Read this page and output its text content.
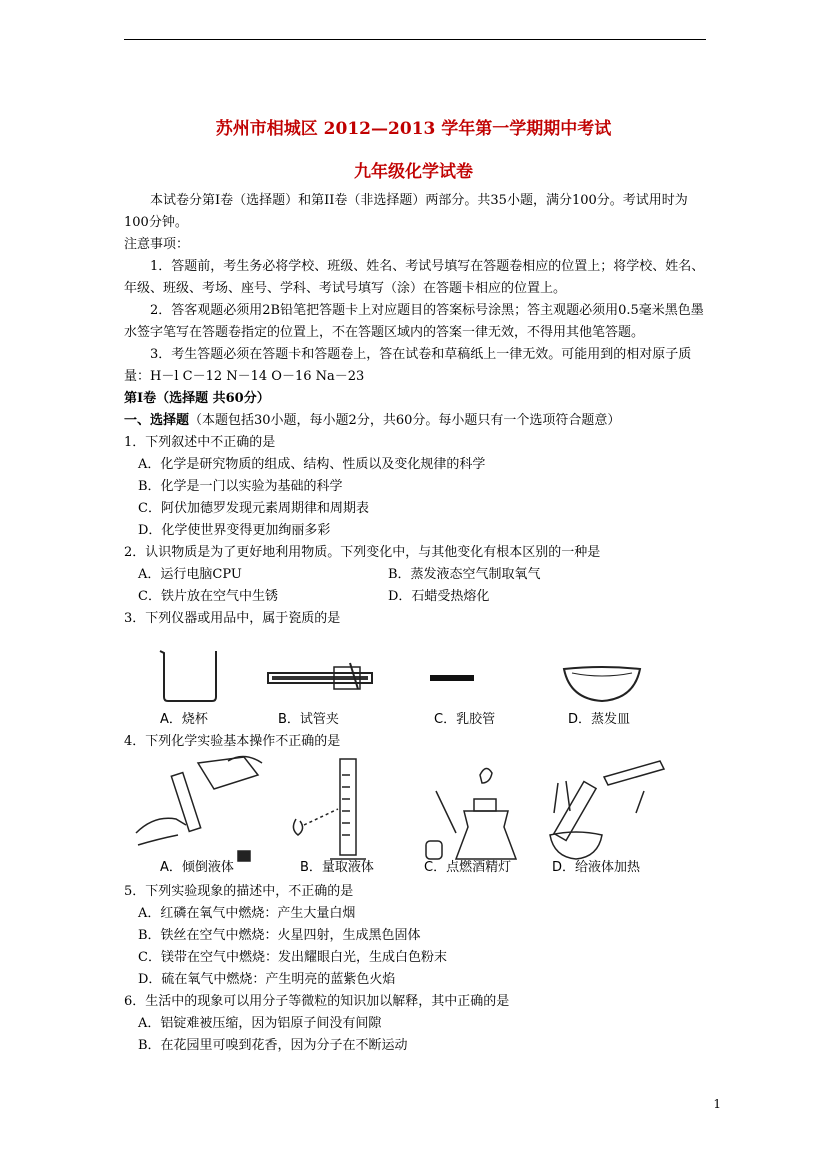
苏州市相城区 2012—2013 学年第一学期期中考试
九年级化学试卷

本试卷分第Ⅰ卷（选择题）和第II卷（非选择题）两部分。共35小题，满分100分。考试用时为100分钟。

注意事项：

1．答题前，考生务必将学校、班级、姓名、考试号填写在答题卷相应的位置上；将学校、姓名、年级、班级、考场、座号、学科、考试号填写（涂）在答题卡相应的位置上。

2．答客观题必须用2B铅笔把答题卡上对应题目的答案标号涂黑；答主观题必须用0.5毫米黑色墨水签字笔写在答题卷指定的位置上，不在答题区域内的答案一律无效，不得用其他笔答题。

3．考生答题必须在答题卡和答题卷上，答在试卷和草稿纸上一律无效。可能用到的相对原子质量：H－l C－12 N－14 O－16 Na－23

第Ⅰ卷（选择题 共60分）

一、选择题（本题包括30小题，每小题2分，共60分。每小题只有一个选项符合题意）

1．下列叙述中不正确的是

A．化学是研究物质的组成、结构、性质以及变化规律的科学

B．化学是一门以实验为基础的科学

C．阿伏加德罗发现元素周期律和周期表

D．化学使世界变得更加绚丽多彩

2．认识物质是为了更好地利用物质。下列变化中，与其他变化有根本区别的一种是

A．运行电脑CPU	B．蒸发液态空气制取氧气
C．铁片放在空气中生锈	D．石蜡受热熔化

3．下列仪器或用品中，属于瓷质的是

A．烧杯	B．试管夹	C．乳胶管	D．蒸发皿

4．下列化学实验基本操作不正确的是

A．倾倒液体	B．量取液体	C．点燃酒精灯	D．给液体加热

5．下列实验现象的描述中，不正确的是

A．红磷在氧气中燃烧：产生大量白烟

B．铁丝在空气中燃烧：火星四射，生成黑色固体

C．镁带在空气中燃烧：发出耀眼白光，生成白色粉末

D．硫在氧气中燃烧：产生明亮的蓝紫色火焰

6．生活中的现象可以用分子等微粒的知识加以解释，其中正确的是

A．铝锭难被压缩，因为铝原子间没有间隙

B．在花园里可嗅到花香，因为分子在不断运动

1
